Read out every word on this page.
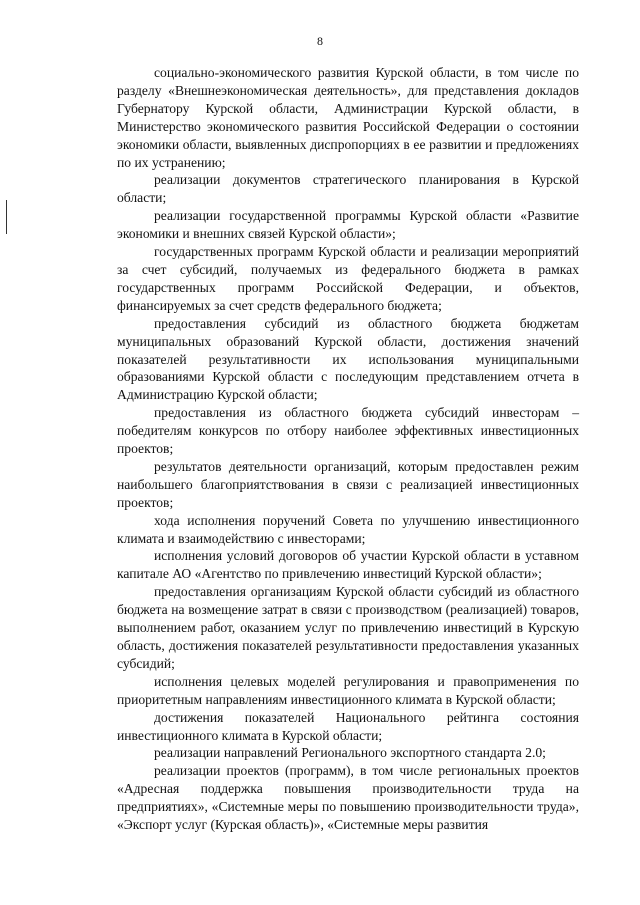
8

социально-экономического развития Курской области, в том числе по разделу «Внешнеэкономическая деятельность», для представления докладов Губернатору Курской области, Администрации Курской области, в Министерство экономического развития Российской Федерации о состоянии экономики области, выявленных диспропорциях в ее развитии и предложениях по их устранению;

реализации документов стратегического планирования в Курской области;

реализации государственной программы Курской области «Развитие экономики и внешних связей Курской области»;

государственных программ Курской области и реализации мероприятий за счет субсидий, получаемых из федерального бюджета в рамках государственных программ Российской Федерации, и объектов, финансируемых за счет средств федерального бюджета;

предоставления субсидий из областного бюджета бюджетам муниципальных образований Курской области, достижения значений показателей результативности их использования муниципальными образованиями Курской области с последующим представлением отчета в Администрацию Курской области;

предоставления из областного бюджета субсидий инвесторам – победителям конкурсов по отбору наиболее эффективных инвестиционных проектов;

результатов деятельности организаций, которым предоставлен режим наибольшего благоприятствования в связи с реализацией инвестиционных проектов;

хода исполнения поручений Совета по улучшению инвестиционного климата и взаимодействию с инвесторами;

исполнения условий договоров об участии Курской области в уставном капитале АО «Агентство по привлечению инвестиций Курской области»;

предоставления организациям Курской области субсидий из областного бюджета на возмещение затрат в связи с производством (реализацией) товаров, выполнением работ, оказанием услуг по привлечению инвестиций в Курскую область, достижения показателей результативности предоставления указанных субсидий;

исполнения целевых моделей регулирования и правоприменения по приоритетным направлениям инвестиционного климата в Курской области;

достижения показателей Национального рейтинга состояния инвестиционного климата в Курской области;

реализации направлений Регионального экспортного стандарта 2.0;

реализации проектов (программ), в том числе региональных проектов «Адресная поддержка повышения производительности труда на предприятиях», «Системные меры по повышению производительности труда», «Экспорт услуг (Курская область)», «Системные меры развития
